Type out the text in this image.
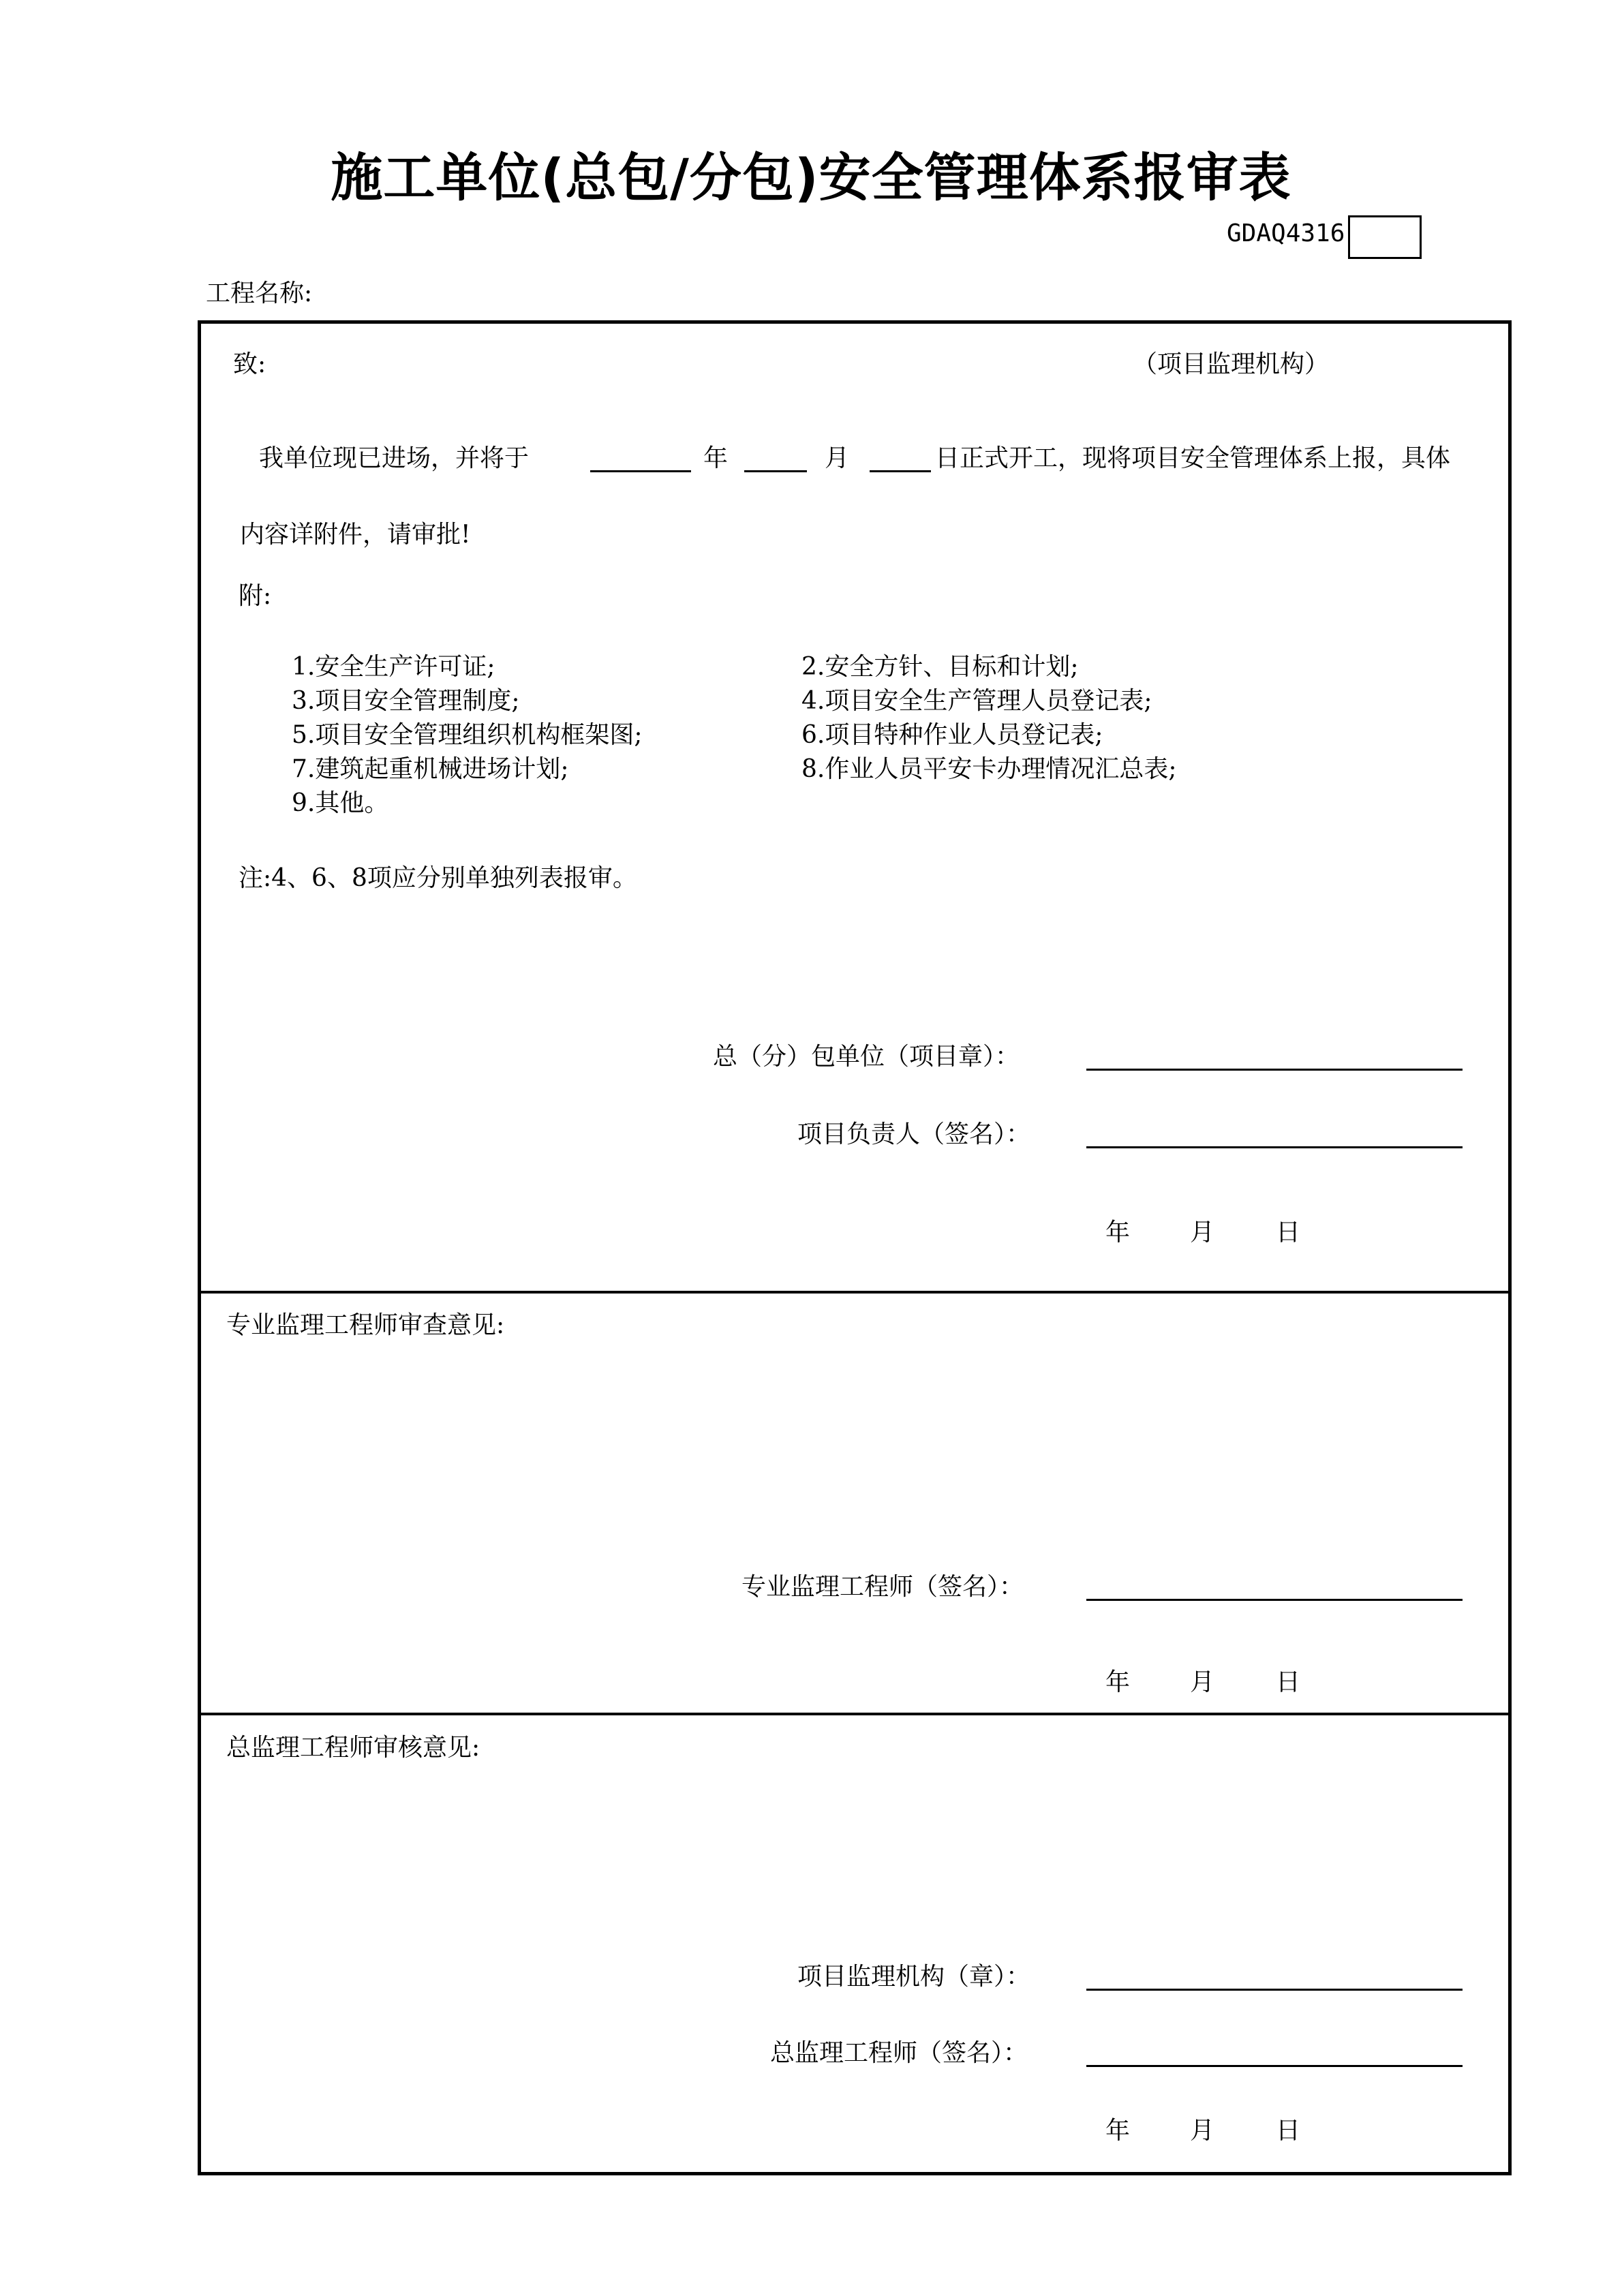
施工单位(总包/分包)安全管理体系报审表
GDAQ4316
工程名称:
致:	（项目监理机构）
我单位现已进场，并将于	年	月	日正式开工，现将项目安全管理体系上报，具体
内容详附件，请审批!
附:
1.安全生产许可证;	2.安全方针、目标和计划;
3.项目安全管理制度;	4.项目安全生产管理人员登记表;
5.项目安全管理组织机构框架图;	6.项目特种作业人员登记表;
7.建筑起重机械进场计划;	8.作业人员平安卡办理情况汇总表;
9.其他。
注:4、6、8项应分别单独列表报审。
总（分）包单位（项目章）：
项目负责人（签名）：
年 月 日
专业监理工程师审查意见:
专业监理工程师（签名）：
年 月 日
总监理工程师审核意见:
项目监理机构（章）：
总监理工程师（签名）：
年 月 日
